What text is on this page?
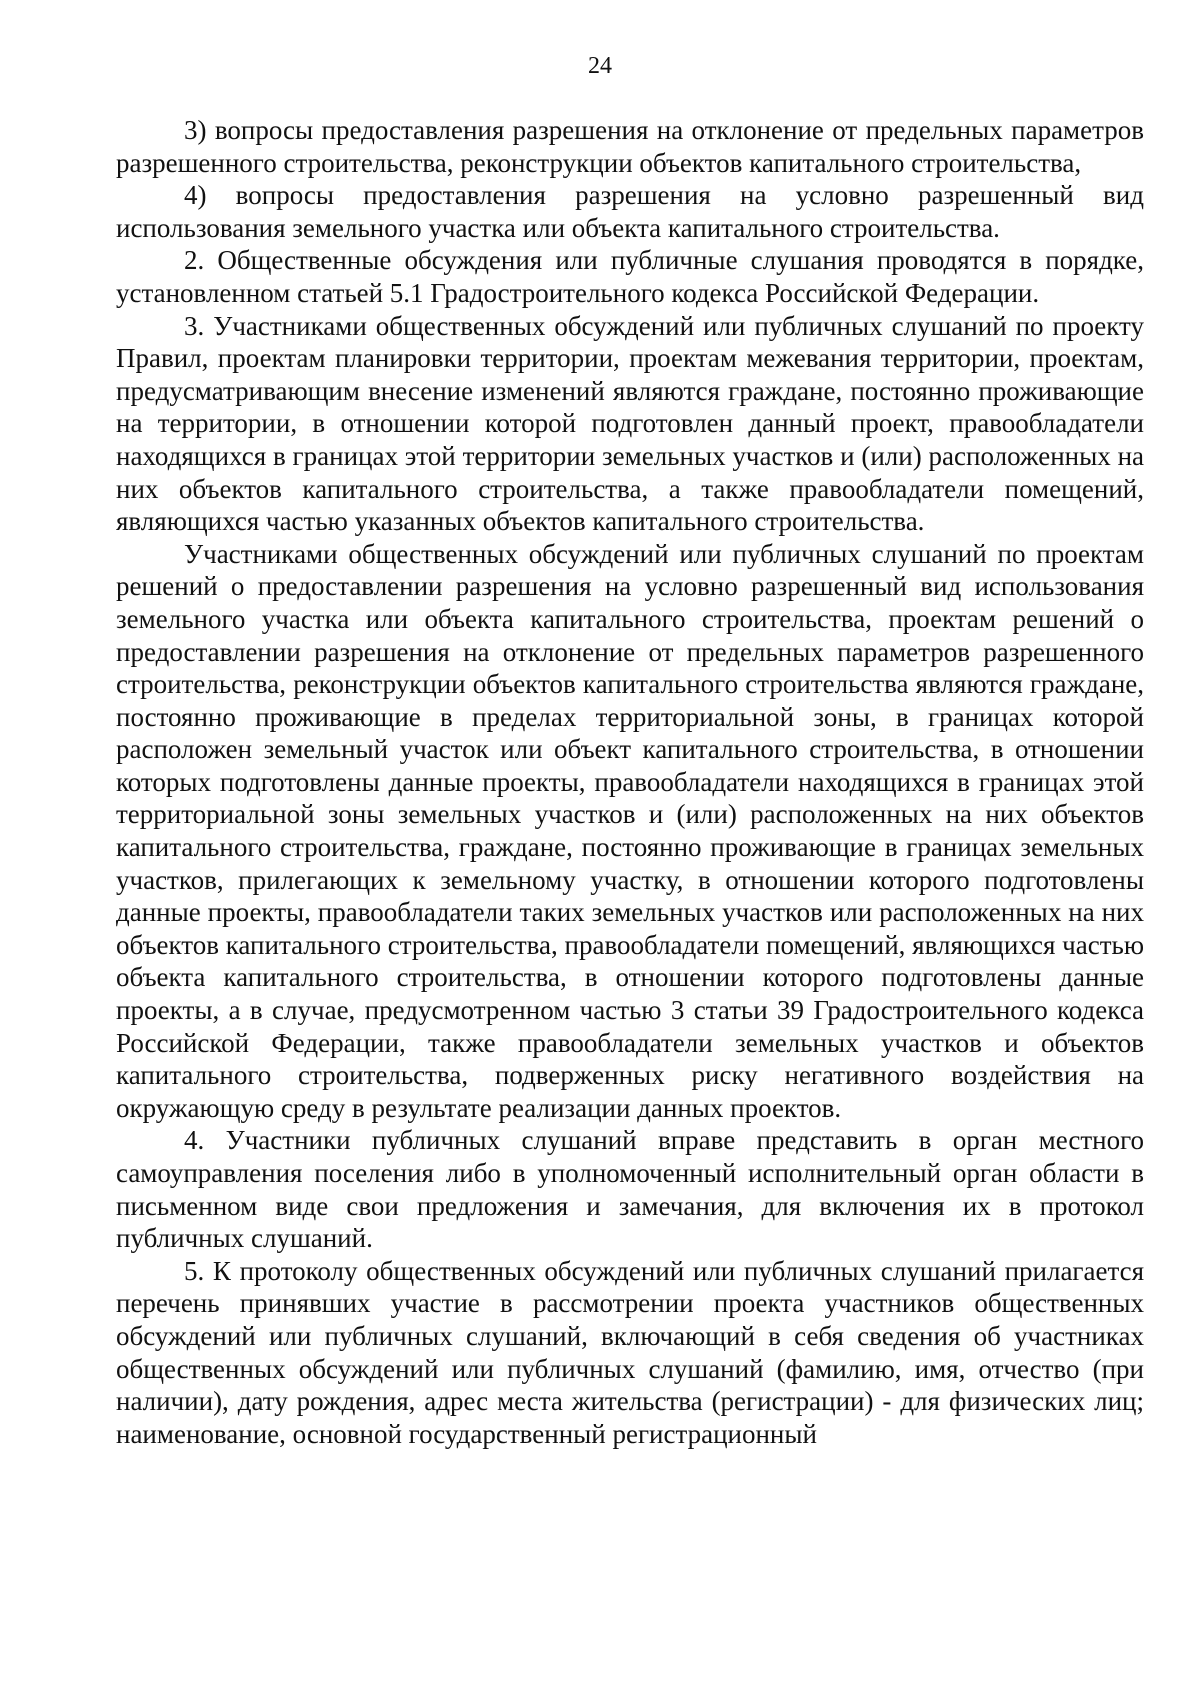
24

3) вопросы предоставления разрешения на отклонение от предельных параметров разрешенного строительства, реконструкции объектов капитального строительства,

4) вопросы предоставления разрешения на условно разрешенный вид использования земельного участка или объекта капитального строительства.

2. Общественные обсуждения или публичные слушания проводятся в порядке, установленном статьей 5.1 Градостроительного кодекса Российской Федерации.

3. Участниками общественных обсуждений или публичных слушаний по проекту Правил, проектам планировки территории, проектам межевания территории, проектам, предусматривающим внесение изменений являются граждане, постоянно проживающие на территории, в отношении которой подготовлен данный проект, правообладатели находящихся в границах этой территории земельных участков и (или) расположенных на них объектов капитального строительства, а также правообладатели помещений, являющихся частью указанных объектов капитального строительства.

Участниками общественных обсуждений или публичных слушаний по проектам решений о предоставлении разрешения на условно разрешенный вид использования земельного участка или объекта капитального строительства, проектам решений о предоставлении разрешения на отклонение от предельных параметров разрешенного строительства, реконструкции объектов капитального строительства являются граждане, постоянно проживающие в пределах территориальной зоны, в границах которой расположен земельный участок или объект капитального строительства, в отношении которых подготовлены данные проекты, правообладатели находящихся в границах этой территориальной зоны земельных участков и (или) расположенных на них объектов капитального строительства, граждане, постоянно проживающие в границах земельных участков, прилегающих к земельному участку, в отношении которого подготовлены данные проекты, правообладатели таких земельных участков или расположенных на них объектов капитального строительства, правообладатели помещений, являющихся частью объекта капитального строительства, в отношении которого подготовлены данные проекты, а в случае, предусмотренном частью 3 статьи 39 Градостроительного кодекса Российской Федерации, также правообладатели земельных участков и объектов капитального строительства, подверженных риску негативного воздействия на окружающую среду в результате реализации данных проектов.

4. Участники публичных слушаний вправе представить в орган местного самоуправления поселения либо в уполномоченный исполнительный орган области в письменном виде свои предложения и замечания, для включения их в протокол публичных слушаний.

5. К протоколу общественных обсуждений или публичных слушаний прилагается перечень принявших участие в рассмотрении проекта участников общественных обсуждений или публичных слушаний, включающий в себя сведения об участниках общественных обсуждений или публичных слушаний (фамилию, имя, отчество (при наличии), дату рождения, адрес места жительства (регистрации) - для физических лиц; наименование, основной государственный регистрационный
